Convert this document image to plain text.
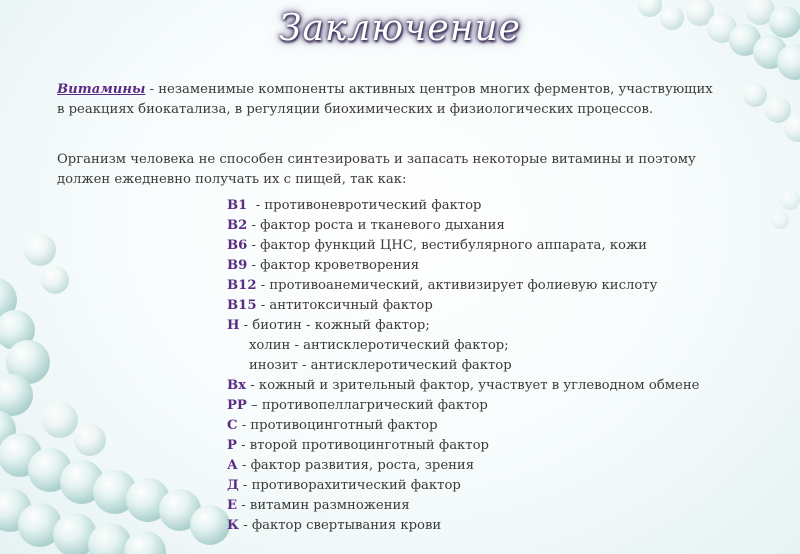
Заключение
Витамины - незаменимые компоненты активных центров многих ферментов, участвующих
в реакциях биокатализа, в регуляции биохимических и физиологических процессов.
Организм человека не способен синтезировать и запасать некоторые витамины и поэтому
должен ежедневно получать их с пищей, так как:
В1  - противоневротический фактор
В2 - фактор роста и тканевого дыхания
В6 - фактор функций ЦНС, вестибулярного аппарата, кожи
В9 - фактор кроветворения
В12 - противоанемический, активизирует фолиевую кислоту
В15 - антитоксичный фактор
Н - биотин - кожный фактор;
холин - антисклеротический фактор;
инозит - антисклеротический фактор
Вх - кожный и зрительный фактор, участвует в углеводном обмене
РР – противопеллагрический фактор
С - противоцинготный фактор
Р - второй противоцинготный фактор
А - фактор развития, роста, зрения
Д - противорахитический фактор
Е - витамин размножения
К - фактор свертывания крови
